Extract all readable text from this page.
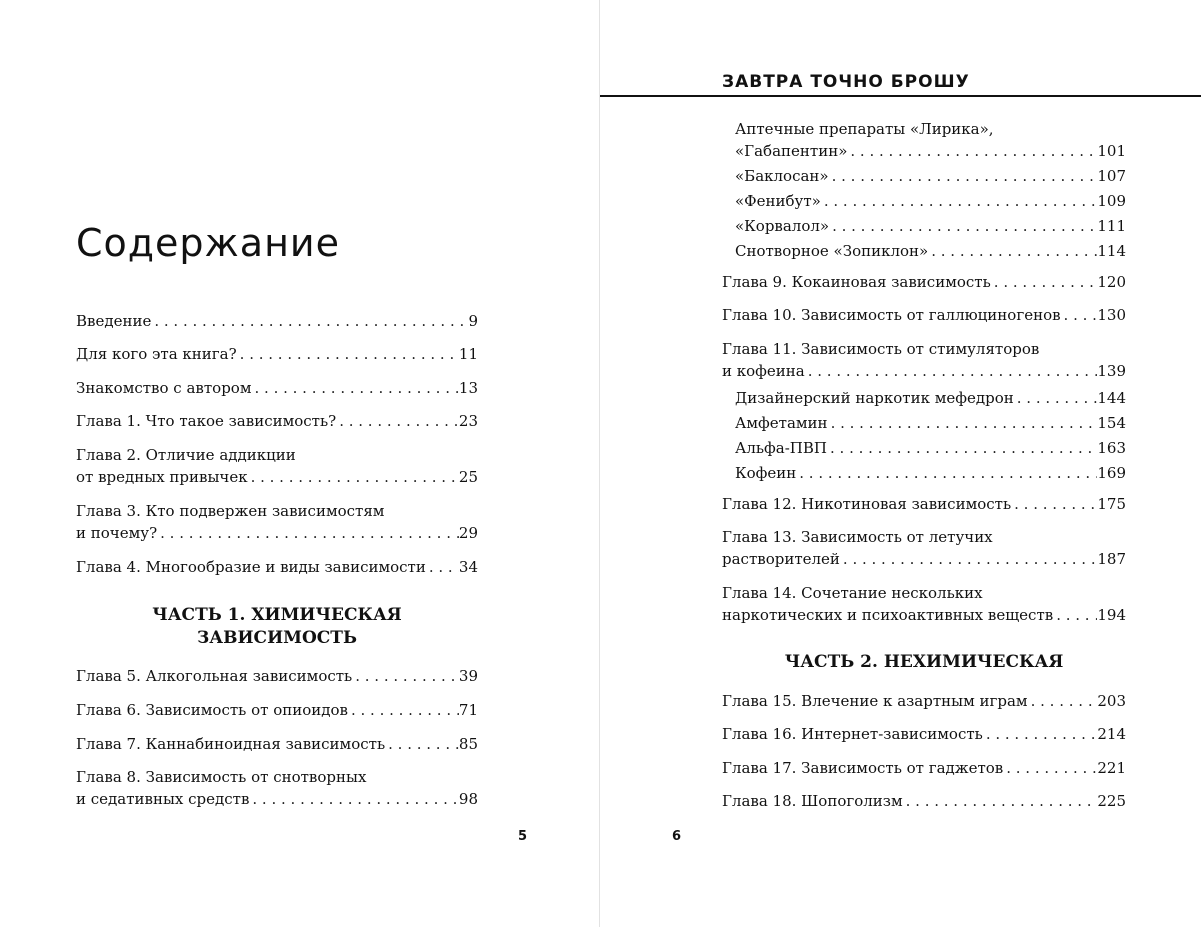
Содержание
Введение . . .	9
Для кого эта книга? . . .	11
Знакомство с автором . . .	13
Глава 1. Что такое зависимость? . . .	23
Глава 2. Отличие аддикции
от вредных привычек . . .	25
Глава 3. Кто подвержен зависимостям
и почему? . . .	29
Глава 4. Многообразие и виды зависимости . . . 34
Глава 5. Алкогольная зависимость . . .	39
Глава 6. Зависимость от опиоидов . . .	71
Глава 7. Каннабиноидная зависимость . . .	85
Глава 8. Зависимость от снотворных
и седативных средств . . .	98
ЧАСТЬ 1. ХИМИЧЕСКАЯ
ЗАВИСИМОСТЬ
5
ЗАВТРА ТОЧНО БРОШУ
Аптечные препараты «Лирика»,
«Габапентин» . . .	101
«Баклосан» . . .	107
«Фенибут» . . .	109
«Корвалол» . . .	111
Снотворное «Зопиклон» . . .	114
Глава 9. Кокаиновая зависимость . . .	120
Глава 10. Зависимость от галлюциногенов . . . 130
Глава 11. Зависимость от стимуляторов
и кофеина . . .	139
Дизайнерский наркотик мефедрон . . .	144
Амфетамин . . .	154
Альфа-ПВП . . .	163
Кофеин . . .	169
Глава 12. Никотиновая зависимость . . .	175
Глава 13. Зависимость от летучих
растворителей . . .	187
Глава 14. Сочетание нескольких
наркотических и психоактивных веществ . . .	194
Глава 15. Влечение к азартным играм . . .	203
Глава 16. Интернет-зависимость . . .	214
Глава 17. Зависимость от гаджетов . . .	221
Глава 18. Шопоголизм . . .	225
ЧАСТЬ 2. НЕХИМИЧЕСКАЯ
6
